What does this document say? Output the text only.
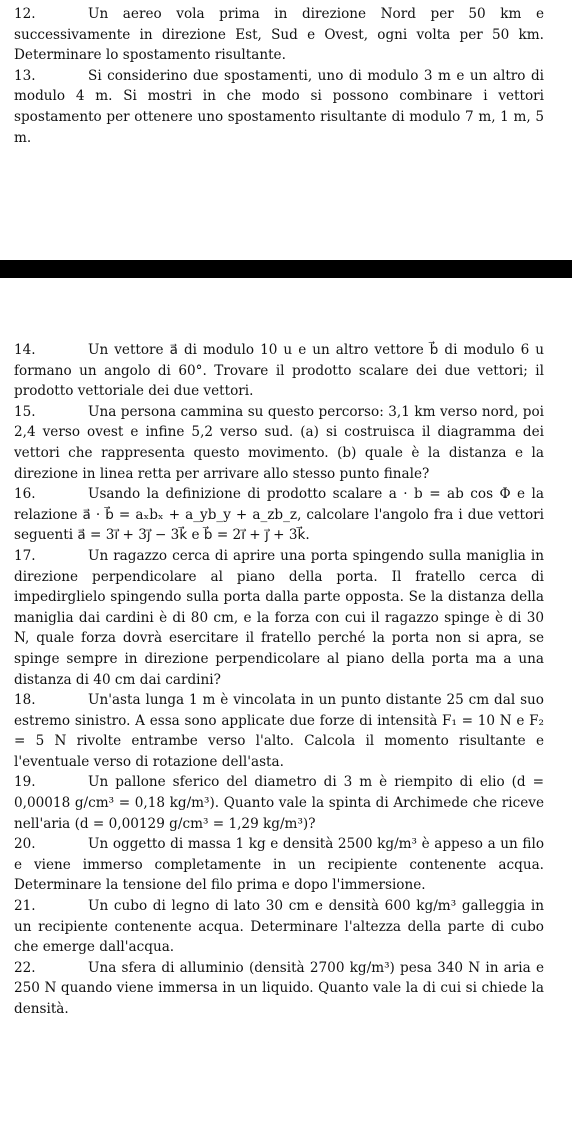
12.	Un aereo vola prima in direzione Nord per 50 km e successivamente in direzione Est, Sud e Ovest, ogni volta per 50 km. Determinare lo spostamento risultante.

13.	Si considerino due spostamenti, uno di modulo 3 m e un altro di modulo 4 m. Si mostri in che modo si possono combinare i vettori spostamento per ottenere uno spostamento risultante di modulo 7 m, 1 m, 5 m.

14.	Un vettore a⃗ di modulo 10 u e un altro vettore b⃗ di modulo 6 u formano un angolo di 60°. Trovare il prodotto scalare dei due vettori; il prodotto vettoriale dei due vettori.

15.	Una persona cammina su questo percorso: 3,1 km verso nord, poi 2,4 verso ovest e infine 5,2 verso sud. (a) si costruisca il diagramma dei vettori che rappresenta questo movimento. (b) quale è la distanza e la direzione in linea retta per arrivare allo stesso punto finale?

16.	Usando la definizione di prodotto scalare a · b = ab cos Φ e la relazione a⃗ · b⃗ = aₓbₓ + a_yb_y + a_zb_z, calcolare l'angolo fra i due vettori seguenti a⃗ = 3i⃗ + 3j⃗ − 3k⃗ e b⃗ = 2i⃗ + j⃗ + 3k⃗.

17.	Un ragazzo cerca di aprire una porta spingendo sulla maniglia in direzione perpendicolare al piano della porta. Il fratello cerca di impedirglielo spingendo sulla porta dalla parte opposta. Se la distanza della maniglia dai cardini è di 80 cm, e la forza con cui il ragazzo spinge è di 30 N, quale forza dovrà esercitare il fratello perché la porta non si apra, se spinge sempre in direzione perpendicolare al piano della porta ma a una distanza di 40 cm dai cardini?

18.	Un'asta lunga 1 m è vincolata in un punto distante 25 cm dal suo estremo sinistro. A essa sono applicate due forze di intensità F₁ = 10 N e F₂ = 5 N rivolte entrambe verso l'alto. Calcola il momento risultante e l'eventuale verso di rotazione dell'asta.

19.	Un pallone sferico del diametro di 3 m è riempito di elio (d = 0,00018 g/cm³ = 0,18 kg/m³). Quanto vale la spinta di Archimede che riceve nell'aria (d = 0,00129 g/cm³ = 1,29 kg/m³)?

20.	Un oggetto di massa 1 kg e densità 2500 kg/m³ è appeso a un filo e viene immerso completamente in un recipiente contenente acqua. Determinare la tensione del filo prima e dopo l'immersione.

21.	Un cubo di legno di lato 30 cm e densità 600 kg/m³ galleggia in un recipiente contenente acqua. Determinare l'altezza della parte di cubo che emerge dall'acqua.

22.	Una sfera di alluminio (densità 2700 kg/m³) pesa 340 N in aria e 250 N quando viene immersa in un liquido. Quanto vale la di cui si chiede la densità.
